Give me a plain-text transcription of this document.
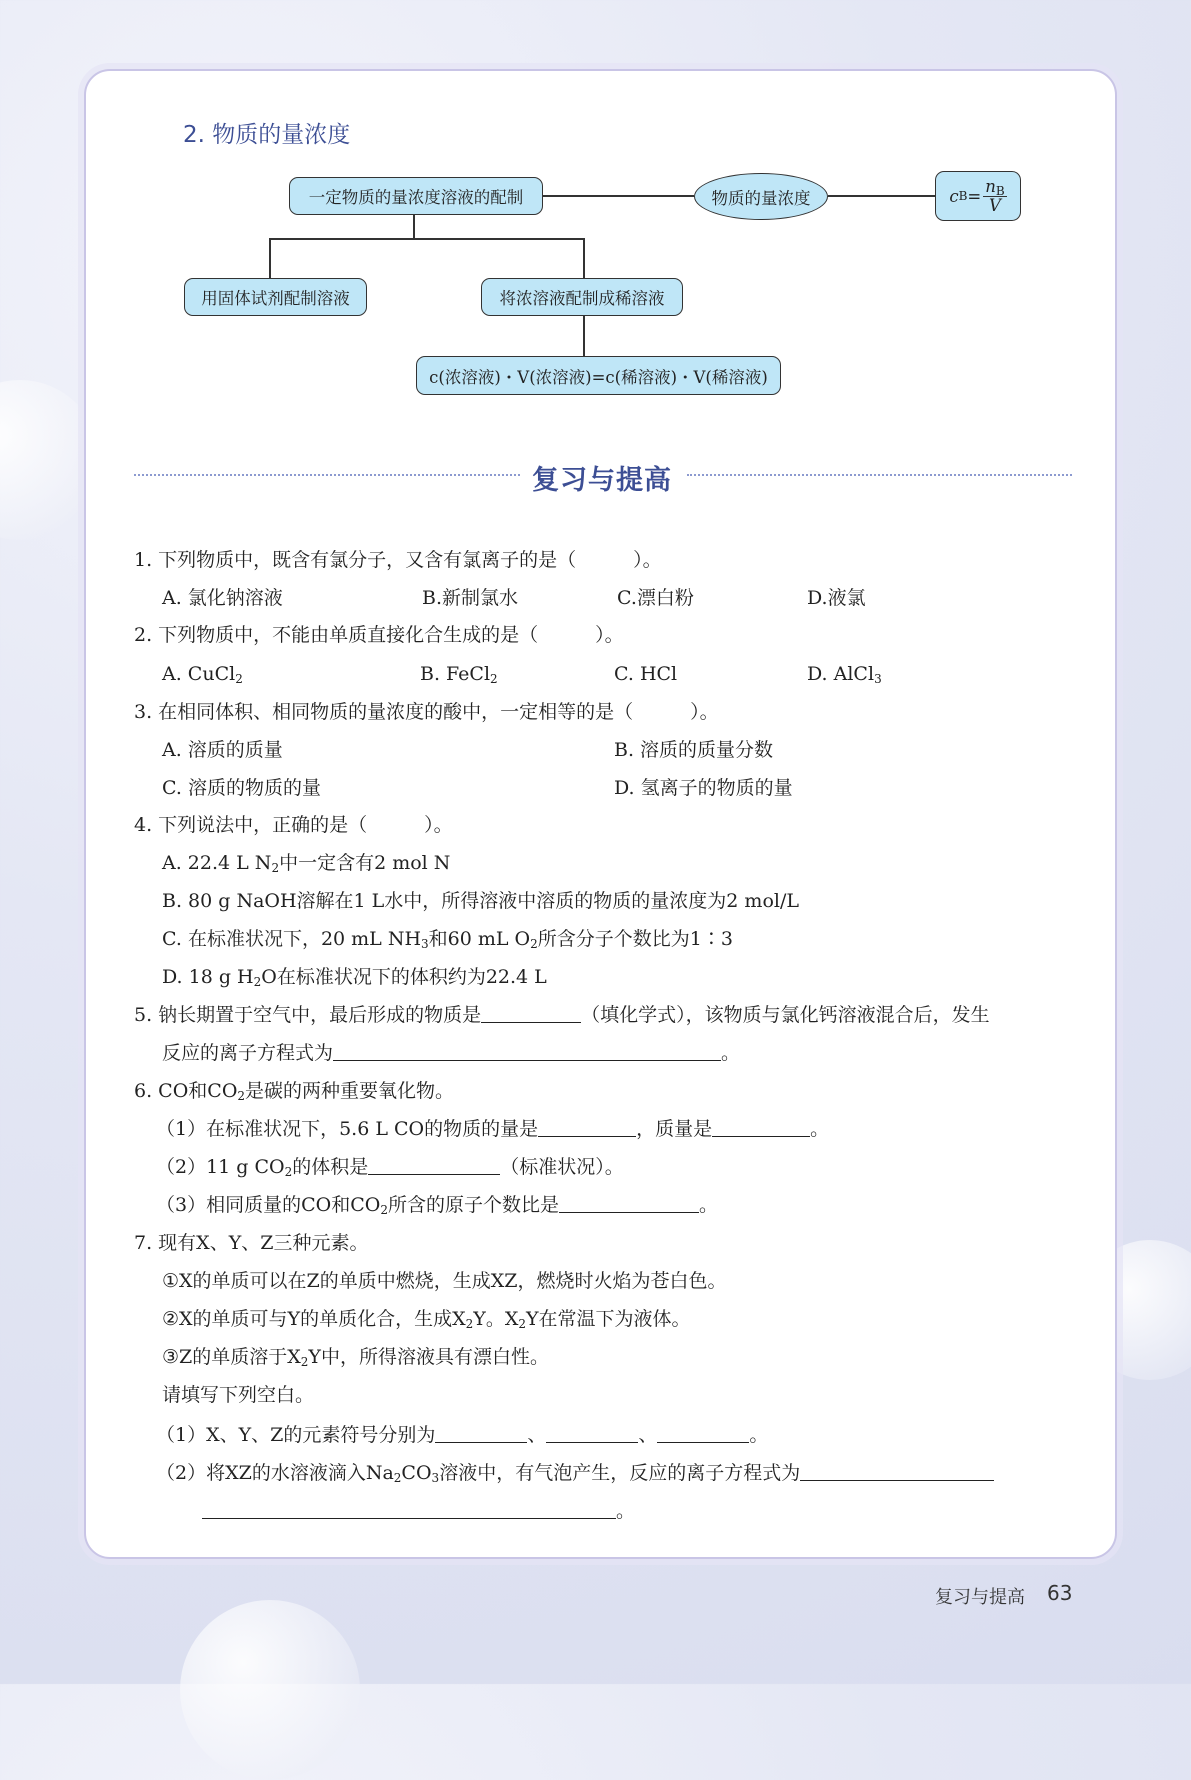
2. 物质的量浓度
一定物质的量浓度溶液的配制	物质的量浓度	c $B = \frac{n_B}{V}$
用固体试剂配制溶液	将浓溶液配制成稀溶液
c(浓溶液)・V(浓溶液)=c(稀溶液)・V(稀溶液)
复习与提高
1. 下列物质中，既含有氯分子，又含有氯离子的是（　　　）。
A. 氯化钠溶液	B.新制氯水	C.漂白粉	D.液氯
2. 下列物质中，不能由单质直接化合生成的是（　　　）。
A. CuCl$_2$	B. FeCl$_2$	C. HCl	D. AlCl$_3$
3. 在相同体积、相同物质的量浓度的酸中，一定相等的是（　　　）。
A. 溶质的质量	B. 溶质的质量分数
C. 溶质的物质的量	D. 氢离子的物质的量
4. 下列说法中，正确的是（　　　）。
A. 22.4 L $N_2$中一定含有2 mol N
B. 80 g NaOH溶解在1 L水中，所得溶液中溶质的物质的量浓度为2 mol/L
C. 在标准状况下，20 mL $NH_3$和60 mL $O_2$所含分子个数比为1∶3
D. 18 g $H_2O$在标准状况下的体积约为22.4 L
5. 钠长期置于空气中，最后形成的物质是	（填化学式），该物质与氯化钙溶液混合后，发生
反应的离子方程式为	。
6. CO和$CO_2$是碳的两种重要氧化物。
（1）在标准状况下，5.6 L CO的物质的量是	，质量是	。
（2）11 g $CO_2$的体积是	（标准状况）。
（3）相同质量的CO和$CO_2$所含的原子个数比是	。
7. 现有X、Y、Z三种元素。
①X的单质可以在Z的单质中燃烧，生成XZ，燃烧时火焰为苍白色。
②X的单质可与Y的单质化合，生成$X_2Y$。$X_2Y$在常温下为液体。
③Z的单质溶于$X_2Y$中，所得溶液具有漂白性。
请填写下列空白。
（1）X、Y、Z的元素符号分别为	、	、	。
（2）将XZ的水溶液滴入$Na_2CO_3$溶液中，有气泡产生，反应的离子方程式为
。
复习与提高 63
